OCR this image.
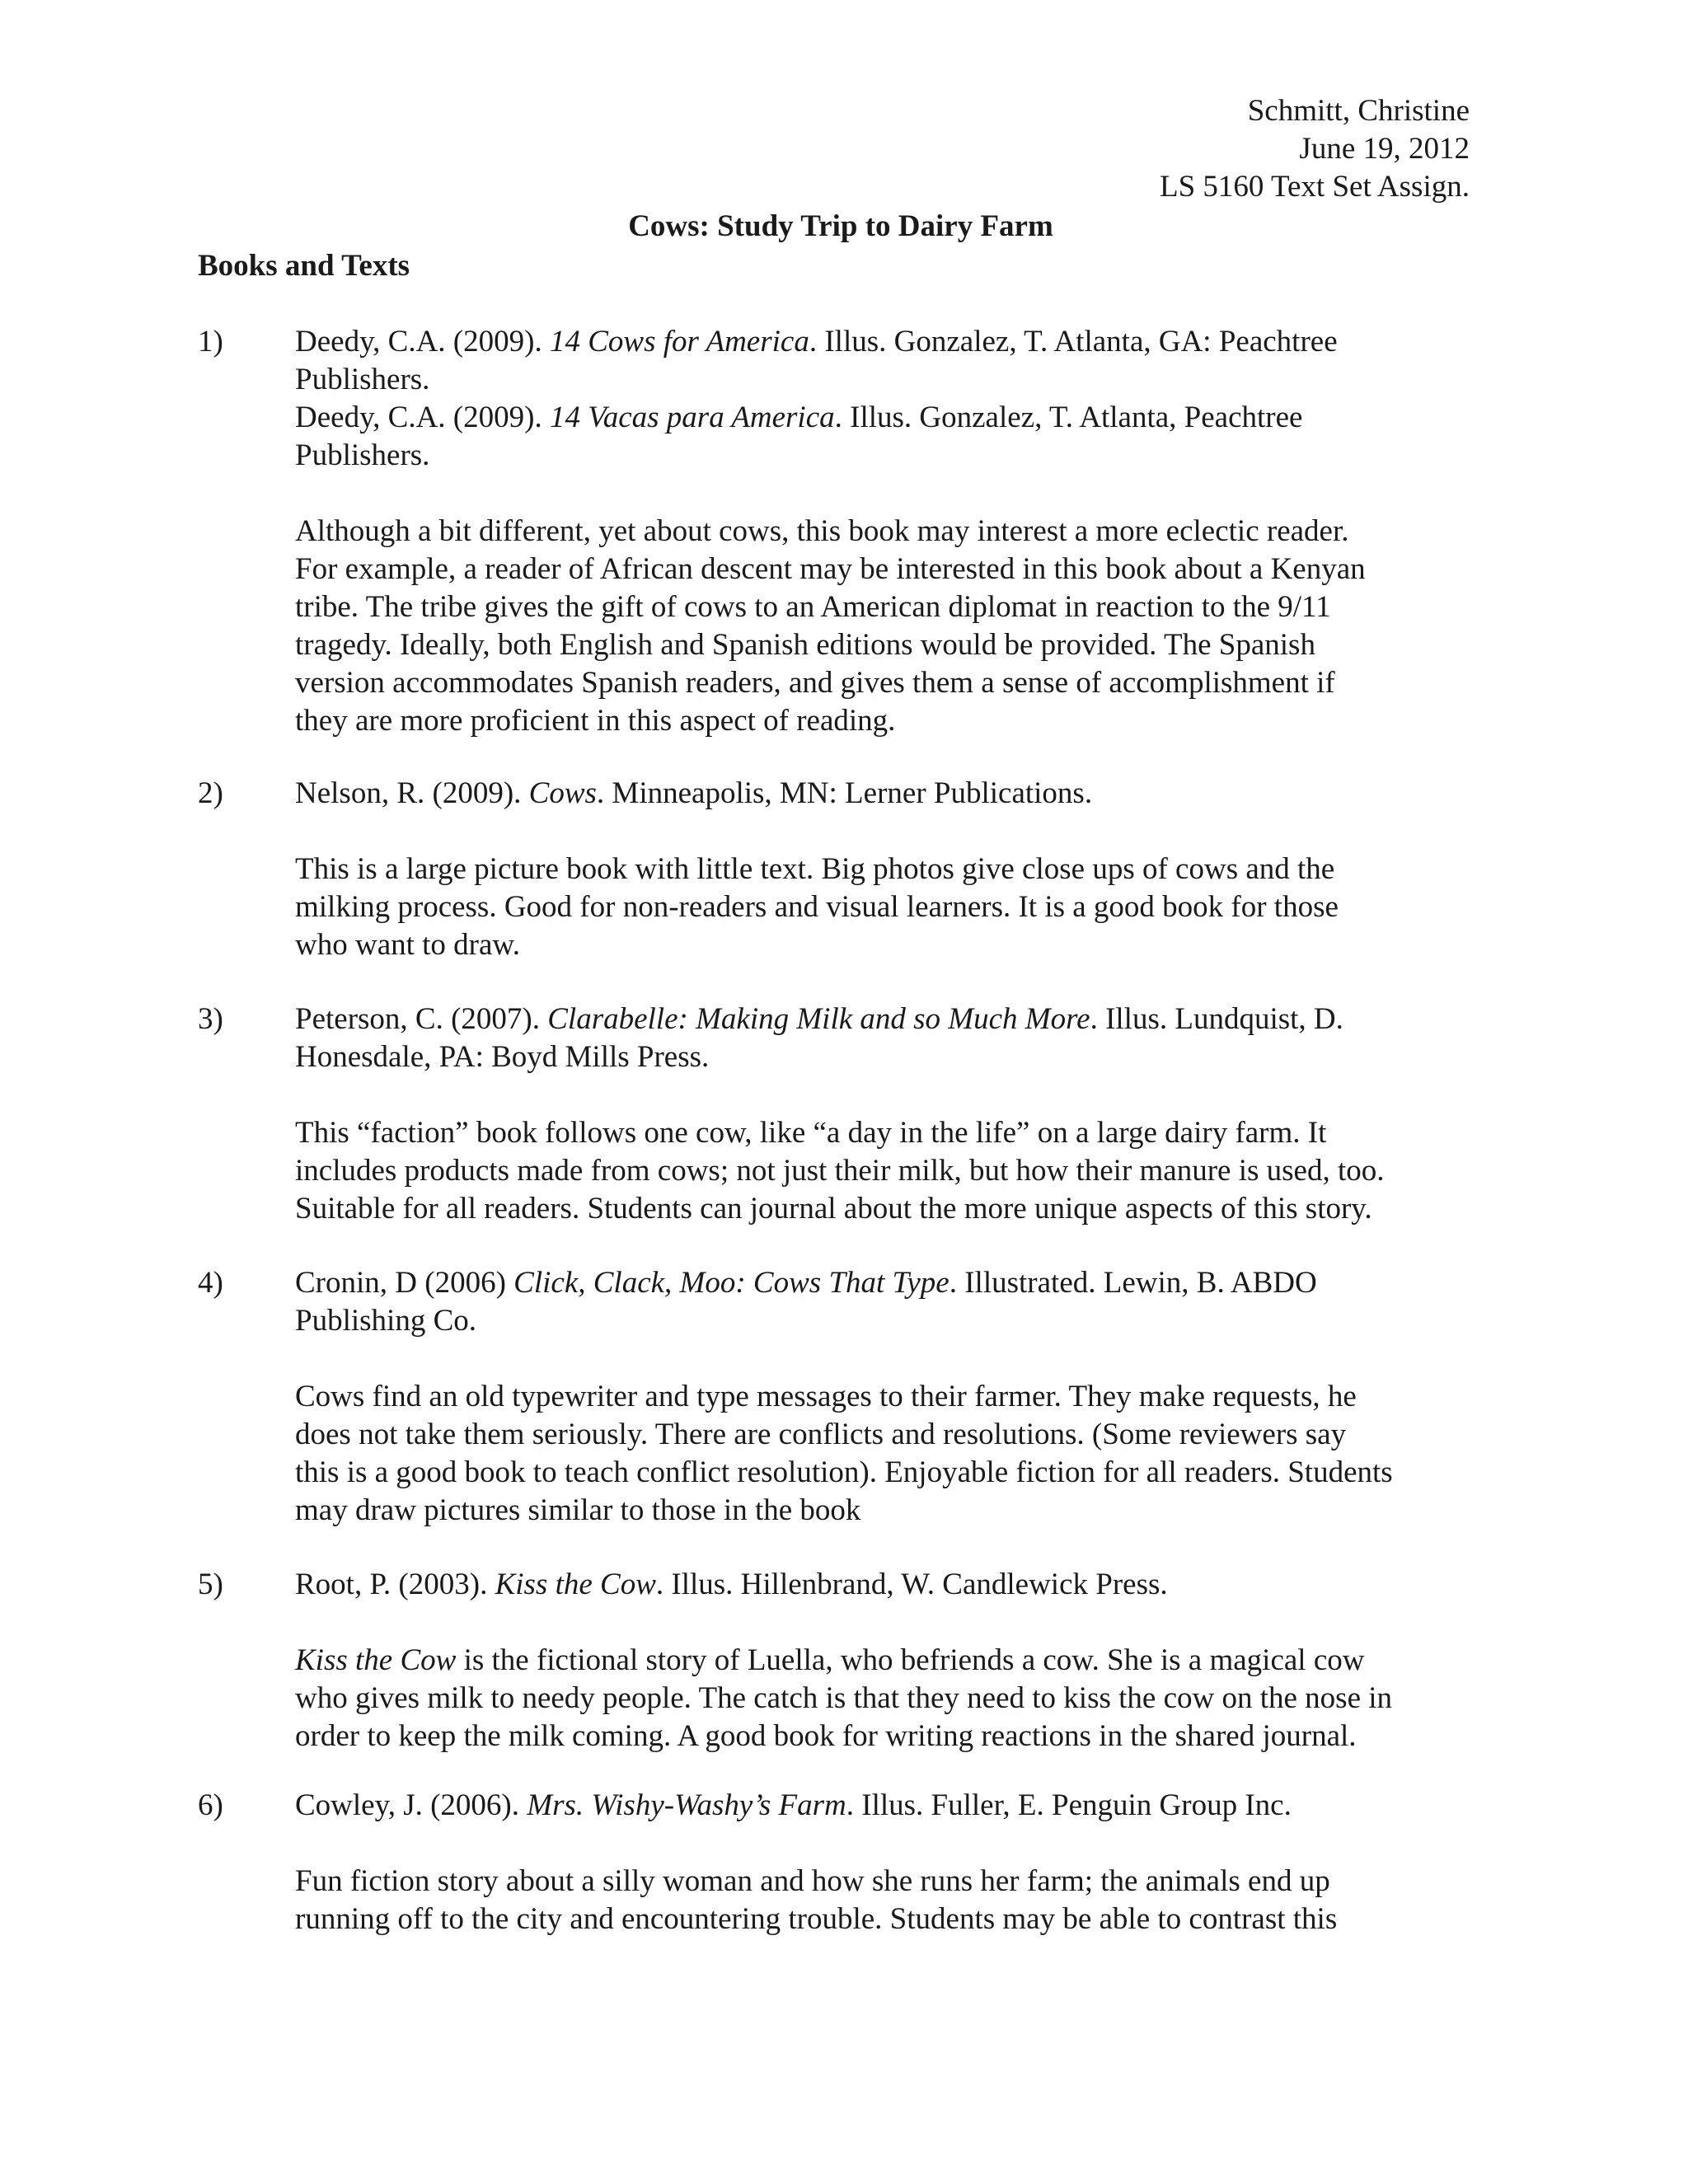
Schmitt, Christine
June 19, 2012
LS 5160 Text Set Assign.
Cows: Study Trip to Dairy Farm
Books and Texts
1) Deedy, C.A. (2009). 14 Cows for America. Illus. Gonzalez, T. Atlanta, GA: Peachtree
Publishers.
Deedy, C.A. (2009). 14 Vacas para America. Illus. Gonzalez, T. Atlanta, Peachtree
Publishers.
Although a bit different, yet about cows, this book may interest a more eclectic reader.
For example, a reader of African descent may be interested in this book about a Kenyan
tribe. The tribe gives the gift of cows to an American diplomat in reaction to the 9/11
tragedy. Ideally, both English and Spanish editions would be provided. The Spanish
version accommodates Spanish readers, and gives them a sense of accomplishment if
they are more proficient in this aspect of reading.
2) Nelson, R. (2009). Cows. Minneapolis, MN: Lerner Publications.
This is a large picture book with little text. Big photos give close ups of cows and the
milking process. Good for non-readers and visual learners. It is a good book for those
who want to draw.
3) Peterson, C. (2007). Clarabelle: Making Milk and so Much More. Illus. Lundquist, D.
Honesdale, PA: Boyd Mills Press.
This “faction” book follows one cow, like “a day in the life” on a large dairy farm. It
includes products made from cows; not just their milk, but how their manure is used, too.
Suitable for all readers. Students can journal about the more unique aspects of this story.
4) Cronin, D (2006) Click, Clack, Moo: Cows That Type. Illustrated. Lewin, B. ABDO
Publishing Co.
Cows find an old typewriter and type messages to their farmer. They make requests, he
does not take them seriously. There are conflicts and resolutions. (Some reviewers say
this is a good book to teach conflict resolution). Enjoyable fiction for all readers. Students
may draw pictures similar to those in the book
5) Root, P. (2003). Kiss the Cow. Illus. Hillenbrand, W. Candlewick Press.
Kiss the Cow is the fictional story of Luella, who befriends a cow. She is a magical cow
who gives milk to needy people. The catch is that they need to kiss the cow on the nose in
order to keep the milk coming. A good book for writing reactions in the shared journal.
6) Cowley, J. (2006). Mrs. Wishy-Washy’s Farm. Illus. Fuller, E. Penguin Group Inc.
Fun fiction story about a silly woman and how she runs her farm; the animals end up
running off to the city and encountering trouble. Students may be able to contrast this
